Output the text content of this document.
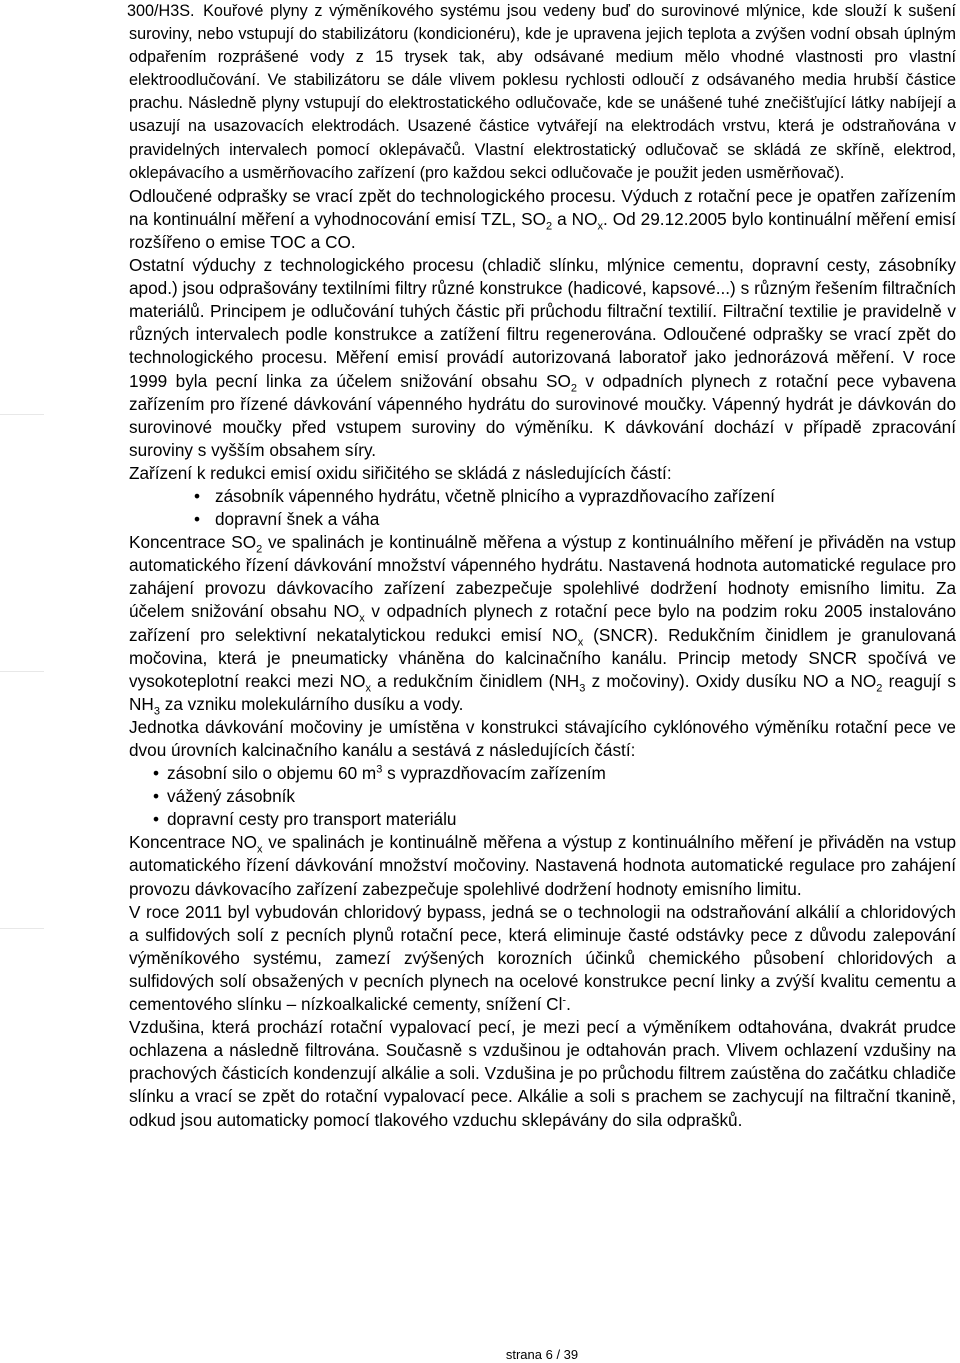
300/H3S. Kouřové plyny z výměníkového systému jsou vedeny buď do surovinové mlýnice, kde slouží k sušení suroviny, nebo vstupují do stabilizátoru (kondicionéru), kde je upravena jejich teplota a zvýšen vodní obsah úplným odpařením rozprášené vody z 15 trysek tak, aby odsávané medium mělo vhodné vlastnosti pro vlastní elektroodlučování. Ve stabilizátoru se dále vlivem poklesu rychlosti odloučí z odsávaného media hrubší částice prachu. Následně plyny vstupují do elektrostatického odlučovače, kde se unášené tuhé znečišťující látky nabíjejí a usazují na usazovacích elektrodách. Usazené částice vytvářejí na elektrodách vrstvu, která je odstraňována v pravidelných intervalech pomocí oklepávačů. Vlastní elektrostatický odlučovač se skládá ze skříně, elektrod, oklepávacího a usměrňovacího zařízení (pro každou sekci odlučovače je použit jeden usměrňovač).

Odloučené odprašky se vrací zpět do technologického procesu. Výduch z rotační pece je opatřen zařízením na kontinuální měření a vyhodnocování emisí TZL, $SO_2$ a $NO_x$. Od 29.12.2005 bylo kontinuální měření emisí rozšířeno o emise TOC a CO.

Ostatní výduchy z technologického procesu (chladič slínku, mlýnice cementu, dopravní cesty, zásobníky apod.) jsou odprašovány textilními filtry různé konstrukce (hadicové, kapsové...) s různým řešením filtračních materiálů. Principem je odlučování tuhých částic při průchodu filtrační textilií. Filtrační textilie je pravidelně v různých intervalech podle konstrukce a zatížení filtru regenerována. Odloučené odprašky se vrací zpět do technologického procesu. Měření emisí provádí autorizovaná laboratoř jako jednorázová měření. V roce 1999 byla pecní linka za účelem snižování obsahu $SO_2$ v odpadních plynech z rotační pece vybavena zařízením pro řízené dávkování vápenného hydrátu do surovinové moučky. Vápenný hydrát je dávkován do surovinové moučky před vstupem suroviny do výměníku. K dávkování dochází v případě zpracování suroviny s vyšším obsahem síry.

Zařízení k redukci emisí oxidu siřičitého se skládá z následujících částí:

• zásobník vápenného hydrátu, včetně plnicího a vyprazdňovacího zařízení
• dopravní šnek a váha

Koncentrace $SO_2$ ve spalinách je kontinuálně měřena a výstup z kontinuálního měření je přiváděn na vstup automatického řízení dávkování množství vápenného hydrátu. Nastavená hodnota automatické regulace pro zahájení provozu dávkovacího zařízení zabezpečuje spolehlivé dodržení hodnoty emisního limitu. Za účelem snižování obsahu $NO_x$ v odpadních plynech z rotační pece bylo na podzim roku 2005 instalováno zařízení pro selektivní nekatalytickou redukci emisí $NO_x$ (SNCR). Redukčním činidlem je granulovaná močovina, která je pneumaticky vháněna do kalcinačního kanálu. Princip metody SNCR spočívá ve vysokoteplotní reakci mezi $NO_x$ a redukčním činidlem ($NH_3$ z močoviny). Oxidy dusíku NO a $NO_2$ reagují s $NH_3$ za vzniku molekulárního dusíku a vody.

Jednotka dávkování močoviny je umístěna v konstrukci stávajícího cyklónového výměníku rotační pece ve dvou úrovních kalcinačního kanálu a sestává z následujících částí:

• zásobní silo o objemu 60 $m^3$ s vyprazdňovacím zařízením
• vážený zásobník
• dopravní cesty pro transport materiálu

Koncentrace $NO_x$ ve spalinách je kontinuálně měřena a výstup z kontinuálního měření je přiváděn na vstup automatického řízení dávkování množství močoviny. Nastavená hodnota automatické regulace pro zahájení provozu dávkovacího zařízení zabezpečuje spolehlivé dodržení hodnoty emisního limitu.

V roce 2011 byl vybudován chloridový bypass, jedná se o technologii na odstraňování alkálií a chloridových a sulfidových solí z pecních plynů rotační pece, která eliminuje časté odstávky pece z důvodu zalepování výměníkového systému, zamezí zvýšených korozních účinků chemického působení chloridových a sulfidových solí obsažených v pecních plynech na ocelové konstrukce pecní linky a zvýší kvalitu cementu a cementového slínku – nízkoalkalické cementy, snížení Cl-.

Vzdušina, která prochází rotační vypalovací pecí, je mezi pecí a výměníkem odtahována, dvakrát prudce ochlazena a následně filtrována. Současně s vzdušinou je odtahován prach. Vlivem ochlazení vzdušiny na prachových částicích kondenzují alkálie a soli. Vzdušina je po průchodu filtrem zaústěna do začátku chladiče slínku a vrací se zpět do rotační vypalovací pece. Alkálie a soli s prachem se zachycují na filtrační tkanině, odkud jsou automaticky pomocí tlakového vzduchu sklepávány do sila odprašků.

strana 6 / 39
